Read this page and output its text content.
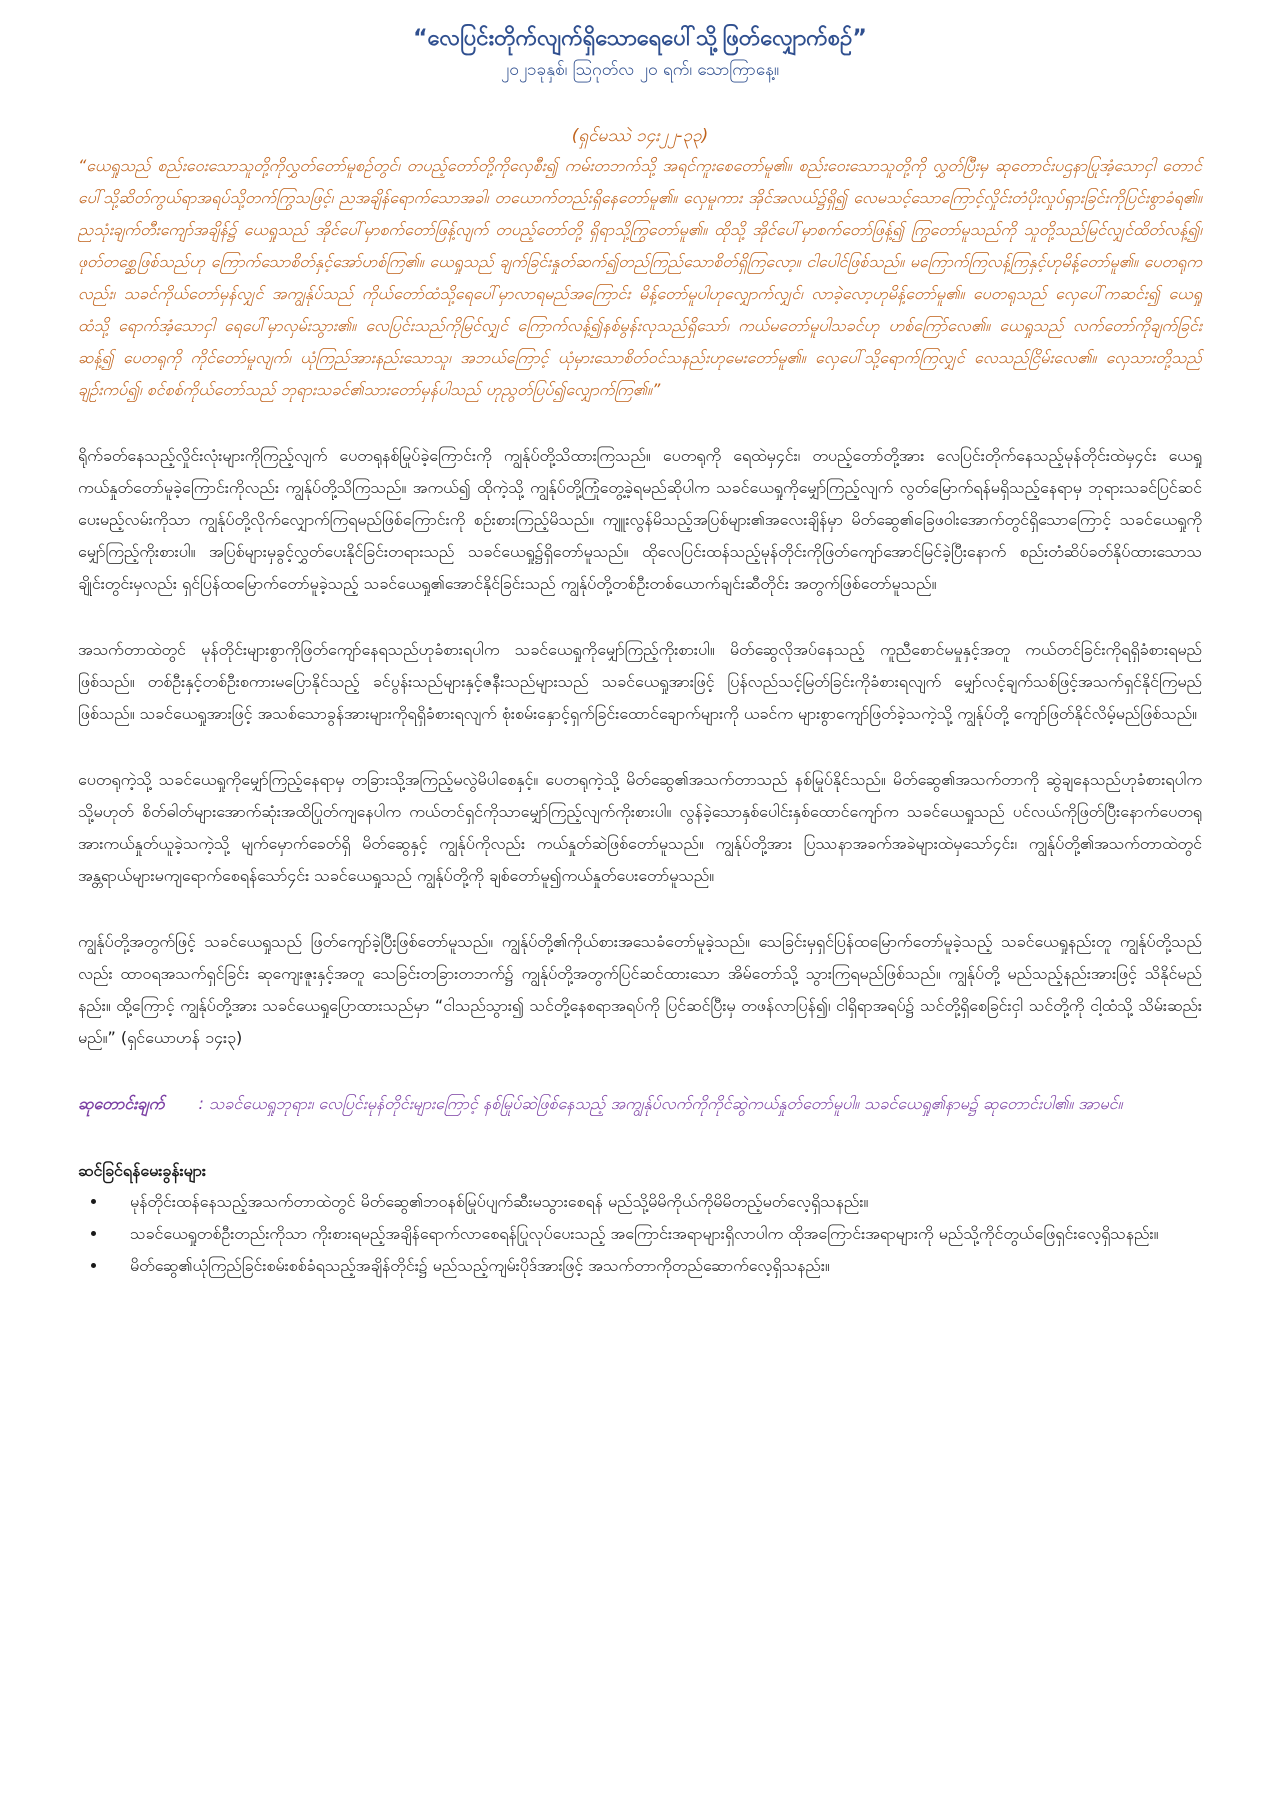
“လေပြင်းတိုက်လျက်ရှိသောရေပေါ်သို့ဖြတ်လျှောက်စဉ်”

၂၀၂၁ခုနှစ်၊ ဩဂုတ်လ ၂၀ ရက်၊ သောကြာနေ့။

(ရှင်မဿဲ ၁၄း၂၂-၃၃)

“ယေရှုသည် စည်းဝေးသောသူတို့ကိုလွှတ်တော်မူစဉ်တွင်၊ တပည့်တော်တို့ကိုလှေစီး၍ ကမ်းတဘက်သို့ အရင်ကူးစေတော်မူ၏။ စည်းဝေးသောသူတို့ကို လွှတ်ပြီးမှ ဆုတောင်းပဌနာပြုအံ့သောငှါ တောင်ပေါ်သို့ဆိတ်ကွယ်ရာအရပ်သို့တက်ကြွသဖြင့်၊ ညအချိန်ရောက်သောအခါ၊ တယောက်တည်းရှိနေတော်မူ၏။ လှေမူကား အိုင်အလယ်၌ရှိ၍ လေမသင့်သောကြောင့်လှိုင်းတံပိုးလှုပ်ရှားခြင်းကိုပြင်းစွာခံရ၏။ ညသုံးချက်တီးကျော်အချိန်၌ ယေရှုသည် အိုင်ပေါ်မှာစက်တော်ဖြန့်လျက် တပည့်တော်တို့ ရှိရာသို့ကြွတော်မူ၏။ ထိုသို့ အိုင်ပေါ်မှာစက်တော်ဖြန့်၍ ကြွတော်မူသည်ကို သူတို့သည်မြင်လျှင်ထိတ်လန့်၍၊ ဖုတ်တစ္ဆေဖြစ်သည်ဟု ကြောက်သောစိတ်နှင့်အော်ဟစ်ကြ၏။ ယေရှုသည် ချက်ခြင်းနှုတ်ဆက်၍တည်ကြည်သောစိတ်ရှိကြလော့။ ငါပေါင်ဖြစ်သည်။ မကြောက်ကြလန့်ကြနှင့်ဟုမိန့်တော်မူ၏။ ပေတရုကလည်း၊ သခင်ကိုယ်တော်မှန်လျှင် အကျွန်ုပ်သည် ကိုယ်တော်ထံသို့ရေပေါ်မှာလာရမည်အကြောင်း မိန့်တော်မူပါဟုလျှောက်လျှင်၊ လာခဲ့လော့ဟုမိန့်တော်မူ၏။ ပေတရုသည် လှေပေါ်ကဆင်း၍ ယေရှုထံသို့ ရောက်အံ့သောငှါ ရေပေါ်မှာလှမ်းသွား၏။ လေပြင်းသည်ကိုမြင်လျှင် ကြောက်လန့်၍နစ်မွန်းလုသည်ရှိသော်၊ ကယ်မတော်မူပါသခင်ဟု ဟစ်ကြော်လေ၏။ ယေရှုသည် လက်တော်ကိုချက်ခြင်းဆန့်၍ ပေတရုကို ကိုင်တော်မူလျက်၊ ယုံကြည်အားနည်းသောသူ၊ အဘယ်ကြောင့် ယုံမှားသောစိတ်ဝင်သနည်းဟုမေးတော်မူ၏။ လှေပေါ်သို့ရောက်ကြလျှင် လေသည်ငြိမ်းလေ၏။ လှေသားတို့သည်ချဉ်းကပ်၍၊ စင်စစ်ကိုယ်တော်သည် ဘုရားသခင်၏သားတော်မှန်ပါသည် ဟုညွတ်ပြပ်၍လျှောက်ကြ၏။”

ရိုက်ခတ်နေသည့်လှိုင်းလုံးများကိုကြည့်လျက် ပေတရုနစ်မြုပ်ခဲ့ကြောင်းကို ကျွန်ုပ်တို့သိထားကြသည်။ ပေတရုကို ရေထဲမှ၄င်း၊ တပည့်တော်တို့အား လေပြင်းတိုက်နေသည့်မုန်တိုင်းထဲမှ၄င်း ယေရှုကယ်နှုတ်တော်မူခဲ့ကြောင်းကိုလည်း ကျွန်ုပ်တို့သိကြသည်။ အကယ်၍ ထိုကဲ့သို့ ကျွန်ုပ်တို့ကြုံတွေ့ခဲ့ရမည်ဆိုပါက သခင်ယေရှုကိုမျှော်ကြည့်လျက် လွတ်မြောက်ရန်မရှိသည့်နေရာမှ ဘုရားသခင်ပြင်ဆင်ပေးမည့်လမ်းကိုသာ ကျွန်ုပ်တို့လိုက်လျှောက်ကြရမည်ဖြစ်ကြောင်းကို စဉ်းစားကြည့်မိသည်။ ကျူးလွန်မိသည့်အပြစ်များ၏အလေးချိန်မှာ မိတ်ဆွေ၏ခြေဖဝါးအောက်တွင်ရှိသောကြောင့် သခင်ယေရှုကိုမျှော်ကြည့်ကိုးစားပါ။ အပြစ်များမှခွင့်လွှတ်ပေးနိုင်ခြင်းတရားသည် သခင်ယေရှု၌ရှိတော်မူသည်။ ထိုလေပြင်းထန်သည့်မုန်တိုင်းကိုဖြတ်ကျော်အောင်မြင်ခဲ့ပြီးနောက် စည်းတံဆိပ်ခတ်နိုပ်ထားသောသချိုင်းတွင်းမှလည်း ရှင်ပြန်ထမြောက်တော်မူခဲ့သည့် သခင်ယေရှု၏အောင်နိုင်ခြင်းသည် ကျွန်ုပ်တို့တစ်ဦးတစ်ယောက်ချင်းဆီတိုင်း အတွက်ဖြစ်တော်မူသည်။

အသက်တာထဲတွင် မုန်တိုင်းများစွာကိုဖြတ်ကျော်နေရသည်ဟုခံစားရပါက သခင်ယေရှုကိုမျှော်ကြည့်ကိုးစားပါ။ မိတ်ဆွေလိုအပ်နေသည့် ကူညီစောင်မမှုနှင့်အတူ ကယ်တင်ခြင်းကိုရရှိခံစားရမည်ဖြစ်သည်။ တစ်ဦးနှင့်တစ်ဦးစကားမပြောနိုင်သည့် ခင်ပွန်းသည်များနှင့်ဇနီးသည်များသည် သခင်ယေရှုအားဖြင့် ပြန်လည်သင့်မြတ်ခြင်းကိုခံစားရလျက် မျှော်လင့်ချက်သစ်ဖြင့်အသက်ရှင်နိုင်ကြမည်ဖြစ်သည်။ သခင်ယေရှုအားဖြင့် အသစ်သောခွန်အားများကိုရရှိခံစားရလျက် စုံးစမ်းနှောင့်ရှက်ခြင်းထောင်ချောက်များကို ယခင်က များစွာကျော်ဖြတ်ခဲ့သကဲ့သို့ ကျွန်ုပ်တို့ ကျော်ဖြတ်နိုင်လိမ့်မည်ဖြစ်သည်။

ပေတရုကဲ့သို့ သခင်ယေရှုကိုမျှော်ကြည့်နေရာမှ တခြားသို့အကြည့်မလွဲမိပါစေနှင့်။ ပေတရုကဲ့သို့ မိတ်ဆွေ၏အသက်တာသည် နစ်မြုပ်နိုင်သည်။ မိတ်ဆွေ၏အသက်တာကို ဆွဲချနေသည်ဟုခံစားရပါက သို့မဟုတ် စိတ်ဓါတ်များအောက်ဆုံးအထိပြုတ်ကျနေပါက ကယ်တင်ရှင်ကိုသာမျှော်ကြည့်လျက်ကိုးစားပါ။ လွန်ခဲ့သောနှစ်ပေါင်းနှစ်ထောင်ကျော်က သခင်ယေရှုသည် ပင်လယ်ကိုဖြတ်ပြီးနောက်ပေတရုအားကယ်နှုတ်ယူခဲ့သကဲ့သို့ မျက်မှောက်ခေတ်ရှိ မိတ်ဆွေနှင့် ကျွန်ုပ်ကိုလည်း ကယ်နှုတ်ဆဲဖြစ်တော်မူသည်။ ကျွန်ုပ်တို့အား ပြဿနာအခက်အခဲများထဲမှသော်၄င်း၊ ကျွန်ုပ်တို့၏အသက်တာထဲတွင် အန္တရာယ်များမကျရောက်စေရန်သော်၄င်း သခင်ယေရှုသည် ကျွန်ုပ်တို့ကို ချစ်တော်မူ၍ကယ်နှုတ်ပေးတော်မူသည်။

ကျွန်ုပ်တို့အတွက်ဖြင့် သခင်ယေရှုသည် ဖြတ်ကျော်ခဲ့ပြီးဖြစ်တော်မူသည်။ ကျွန်ုပ်တို့၏ကိုယ်စားအသေခံတော်မူခဲ့သည်။ သေခြင်းမှရှင်ပြန်ထမြောက်တော်မူခဲ့သည့် သခင်ယေရှုနည်းတူ ကျွန်ုပ်တို့သည်လည်း ထာဝရအသက်ရှင်ခြင်း ဆုကျေးဇူးနှင့်အတူ သေခြင်းတခြားတဘက်၌ ကျွန်ုပ်တို့အတွက်ပြင်ဆင်ထားသော အိမ်တော်သို့ သွားကြရမည်ဖြစ်သည်။ ကျွန်ုပ်တို့ မည်သည့်နည်းအားဖြင့် သိနိုင်မည်နည်း။ ထို့ကြောင့် ကျွန်ုပ်တို့အား သခင်ယေရှုပြောထားသည်မှာ “ငါသည်သွား၍ သင်တို့နေစရာအရပ်ကို ပြင်ဆင်ပြီးမှ တဖန်လာပြန်၍၊ ငါရှိရာအရပ်၌ သင်တို့ရှိစေခြင်းငှါ သင်တို့ကို ငါ့ထံသို့ သိမ်းဆည်းမည်။” (ရှင်ယောဟန် ၁၄း၃)

ဆုတောင်းချက် : သခင်ယေရှုဘုရား၊ လေပြင်းမုန်တိုင်းများကြောင့် နစ်မြုပ်ဆဲဖြစ်နေသည့် အကျွန်ုပ်လက်ကိုကိုင်ဆွဲကယ်နှုတ်တော်မူပါ။ သခင်ယေရှု၏နာမ၌ ဆုတောင်းပါ၏။ အာမင်။

ဆင်ခြင်ရန်မေးခွန်းများ

• မုန်တိုင်းထန်နေသည့်အသက်တာထဲတွင် မိတ်ဆွေ၏ဘဝနစ်မြုပ်ပျက်ဆီးမသွားစေရန် မည်သို့မိမိကိုယ်ကိုမိမိတည့်မတ်လေ့ရှိသနည်း။
• သခင်ယေရှုတစ်ဦးတည်းကိုသာ ကိုးစားရမည့်အချိန်ရောက်လာစေရန်ပြုလုပ်ပေးသည့် အကြောင်းအရာများရှိလာပါက ထိုအကြောင်းအရာများကို မည်သို့ကိုင်တွယ်ဖြေရှင်းလေ့ရှိသနည်း။
• မိတ်ဆွေ၏ယုံကြည်ခြင်းစမ်းစစ်ခံရသည့်အချိန်တိုင်း၌ မည်သည့်ကျမ်းပိုဒ်အားဖြင့် အသက်တာကိုတည်ဆောက်လေ့ရှိသနည်း။
